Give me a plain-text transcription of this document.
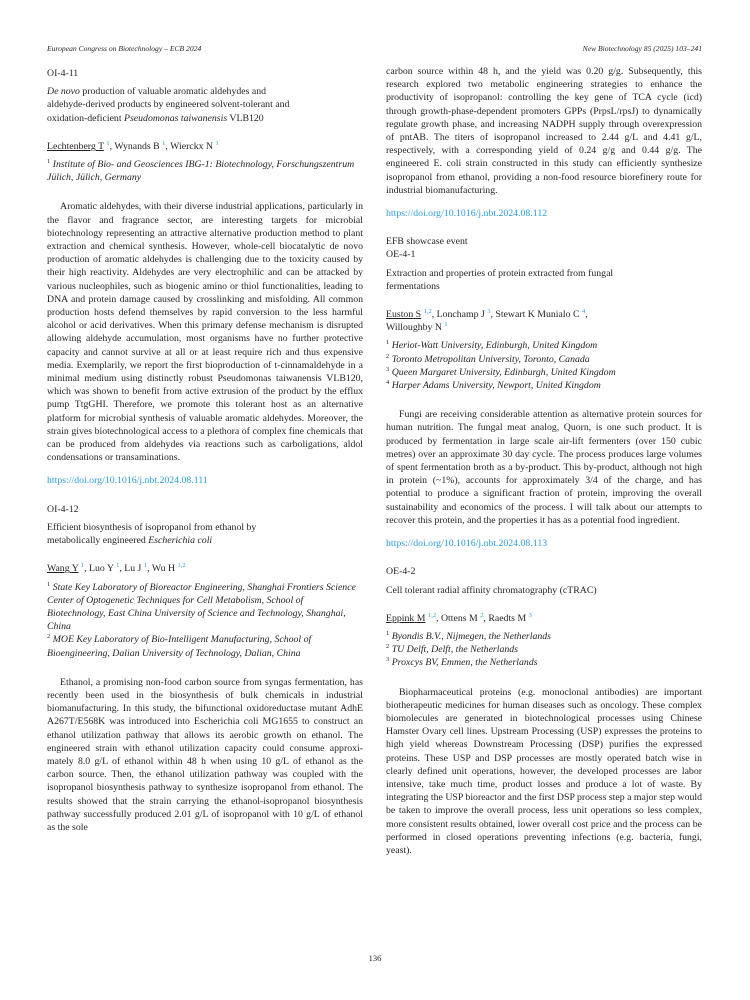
European Congress on Biotechnology – ECB 2024	New Biotechnology 85 (2025) 103–241
OI-4-11
De novo production of valuable aromatic aldehydes and aldehyde-derived products by engineered solvent-tolerant and oxidation-deficient Pseudomonas taiwanensis VLB120
Lechtenberg T $^1$, Wynands B $^1$, Wierckx N $^1$
$^1$ Institute of Bio- and Geosciences IBG-1: Biotechnology, Forschungszentrum Jülich, Jülich, Germany

Aromatic aldehydes, with their diverse industrial applications, particularly in the flavor and fragrance sector, are interesting targets for microbial biotechnology representing an attractive alternative production method to plant extraction and chemical synthesis. However, whole-cell biocatalytic de novo production of aromatic aldehydes is challenging due to the toxicity caused by their high reactivity. Aldehydes are very electrophilic and can be attacked by various nucleophiles, such as biogenic amino or thiol functionalities, leading to DNA and protein damage caused by crosslinking and misfolding. All common production hosts defend themselves by rapid conversion to the less harmful alcohol or acid derivatives. When this primary defense mechanism is disrupted allowing aldehyde accumulation, most organisms have no further protective capacity and cannot survive at all or at least require rich and thus expensive media. Exemplarily, we report the first bioproduction of t-cinnamaldehyde in a minimal medium using distinctly robust Pseudomonas taiwanensis VLB120, which was shown to benefit from active extrusion of the product by the efflux pump TtgGHI. Therefore, we promote this tolerant host as an alternative platform for microbial synthesis of valuable aromatic aldehydes. Moreover, the strain gives biotechnological access to a plethora of complex fine chemicals that can be produced from aldehydes via reactions such as carboligations, aldol condensations or transaminations.

https://doi.org/10.1016/j.nbt.2024.08.111
OI-4-12
Efficient biosynthesis of isopropanol from ethanol by metabolically engineered Escherichia coli
Wang Y $^1$, Luo Y $^1$, Lu J $^1$, Wu H $^{1,2}$
$^1$ State Key Laboratory of Bioreactor Engineering, Shanghai Frontiers Science Center of Optogenetic Techniques for Cell Metabolism, School of Biotechnology, East China University of Science and Technology, Shanghai, China
$^2$ MOE Key Laboratory of Bio-Intelligent Manufacturing, School of Bioengineering, Dalian University of Technology, Dalian, China

Ethanol, a promising non-food carbon source from syngas fermentation, has recently been used in the biosynthesis of bulk chemicals in industrial biomanufacturing. In this study, the bifunctional oxidoreductase mutant AdhE A267T/E568K was introduced into Escherichia coli MG1655 to construct an ethanol utilization pathway that allows its aerobic growth on ethanol. The engineered strain with ethanol utilization capacity could consume approximately 8.0 g/L of ethanol within 48 h when using 10 g/L of ethanol as the carbon source. Then, the ethanol utilization pathway was coupled with the isopropanol biosynthesis pathway to synthesize isopropanol from ethanol. The results showed that the strain carrying the ethanol-isopropanol biosynthesis pathway successfully produced 2.01 g/L of isopropanol with 10 g/L of ethanol as the sole

carbon source within 48 h, and the yield was 0.20 g/g. Subsequently, this research explored two metabolic engineering strategies to enhance the productivity of isopropanol: controlling the key gene of TCA cycle (icd) through growth-phase-dependent promoters GPPs (PrpsL/rpsJ) to dynamically regulate growth phase, and increasing NADPH supply through overexpression of pntAB. The titers of isopropanol increased to 2.44 g/L and 4.41 g/L, respectively, with a corresponding yield of 0.24 g/g and 0.44 g/g. The engineered E. coli strain constructed in this study can efficiently synthesize isopropanol from ethanol, providing a non-food resource biorefinery route for industrial biomanufacturing.

https://doi.org/10.1016/j.nbt.2024.08.112
EFB showcase event
OE-4-1
Extraction and properties of protein extracted from fungal fermentations
Euston S $^{1,2}$, Lonchamp J $^3$, Stewart K Munialo C $^4$, Willoughby N $^1$
$^1$ Heriot-Watt University, Edinburgh, United Kingdom
$^2$ Toronto Metropolitan University, Toronto, Canada
$^3$ Queen Margaret University, Edinburgh, United Kingdom
$^4$ Harper Adams University, Newport, United Kingdom

Fungi are receiving considerable attention as alternative protein sources for human nutrition. The fungal meat analog, Quorn, is one such product. It is produced by fermentation in large scale air-lift fermenters (over 150 cubic metres) over an approximate 30 day cycle. The process produces large volumes of spent fermentation broth as a by-product. This by-product, although not high in protein (~1%), accounts for approximately 3/4 of the charge, and has potential to produce a significant fraction of protein, improving the overall sustainability and economics of the process. I will talk about our attempts to recover this protein, and the properties it has as a potential food ingredient.

https://doi.org/10.1016/j.nbt.2024.08.113
OE-4-2
Cell tolerant radial affinity chromatography (cTRAC)
Eppink M $^{1,2}$, Ottens M $^2$, Raedts M $^3$
$^1$ Byondis B.V., Nijmegen, the Netherlands
$^2$ TU Delft, Delft, the Netherlands
$^3$ Proxcys BV, Emmen, the Netherlands

Biopharmaceutical proteins (e.g. monoclonal antibodies) are important biotherapeutic medicines for human diseases such as oncology. These complex biomolecules are generated in biotechnological processes using Chinese Hamster Ovary cell lines. Upstream Processing (USP) expresses the proteins to high yield whereas Downstream Processing (DSP) purifies the expressed proteins. These USP and DSP processes are mostly operated batch wise in clearly defined unit operations, however, the developed processes are labor intensive, take much time, product losses and produce a lot of waste. By integrating the USP bioreactor and the first DSP process step a major step would be taken to improve the overall process, less unit operations so less complex, more consistent results obtained, lower overall cost price and the process can be performed in closed operations preventing infections (e.g. bacteria, fungi, yeast).

136
